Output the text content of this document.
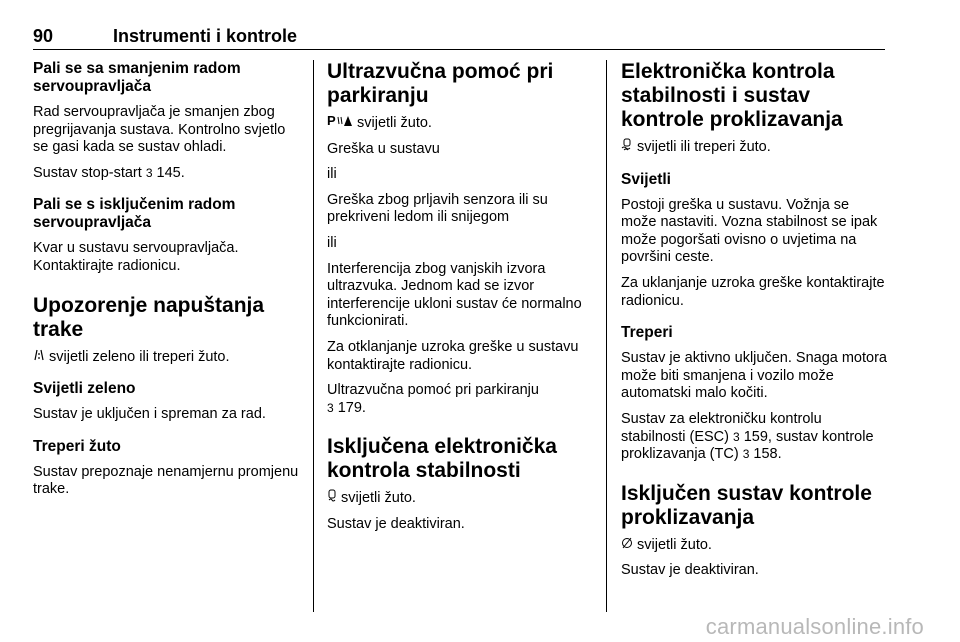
90	Instrumenti i kontrole
Pali se sa smanjenim radom servoupravljača

Rad servoupravljača je smanjen zbog pregrijavanja sustava. Kontrolno svjetlo se gasi kada se sustav ohladi.

Sustav stop-start 3 145.

Pali se s isključenim radom servoupravljača

Kvar u sustavu servoupravljača. Kontaktirajte radionicu.

Upozorenje napuštanja trake

svijetli zeleno ili treperi žuto.

Svijetli zeleno

Sustav je uključen i spreman za rad.

Treperi žuto

Sustav prepoznaje nenamjernu promjenu trake.

Ultrazvučna pomoć pri parkiranju

P svijetli žuto.

Greška u sustavu

ili

Greška zbog prljavih senzora ili su prekriveni ledom ili snijegom

ili

Interferencija zbog vanjskih izvora ultrazvuka. Jednom kad se izvor interferencije ukloni sustav će normalno funkcionirati.

Za otklanjanje uzroka greške u sustavu kontaktirajte radionicu.

Ultrazvučna pomoć pri parkiranju
3 179.

Isključena elektronička kontrola stabilnosti

svijetli žuto.

Sustav je deaktiviran.

Elektronička kontrola stabilnosti i sustav kontrole proklizavanja

svijetli ili treperi žuto.

Svijetli

Postoji greška u sustavu. Vožnja se može nastaviti. Vozna stabilnost se ipak može pogoršati ovisno o uvjetima na površini ceste.

Za uklanjanje uzroka greške kontaktirajte radionicu.

Treperi

Sustav je aktivno uključen. Snaga motora može biti smanjena i vozilo može automatski malo kočiti.

Sustav za elektroničku kontrolu stabilnosti (ESC) 3 159, sustav kontrole proklizavanja (TC) 3 158.

Isključen sustav kontrole proklizavanja

svijetli žuto.

Sustav je deaktiviran.

carmanualsonline.info
